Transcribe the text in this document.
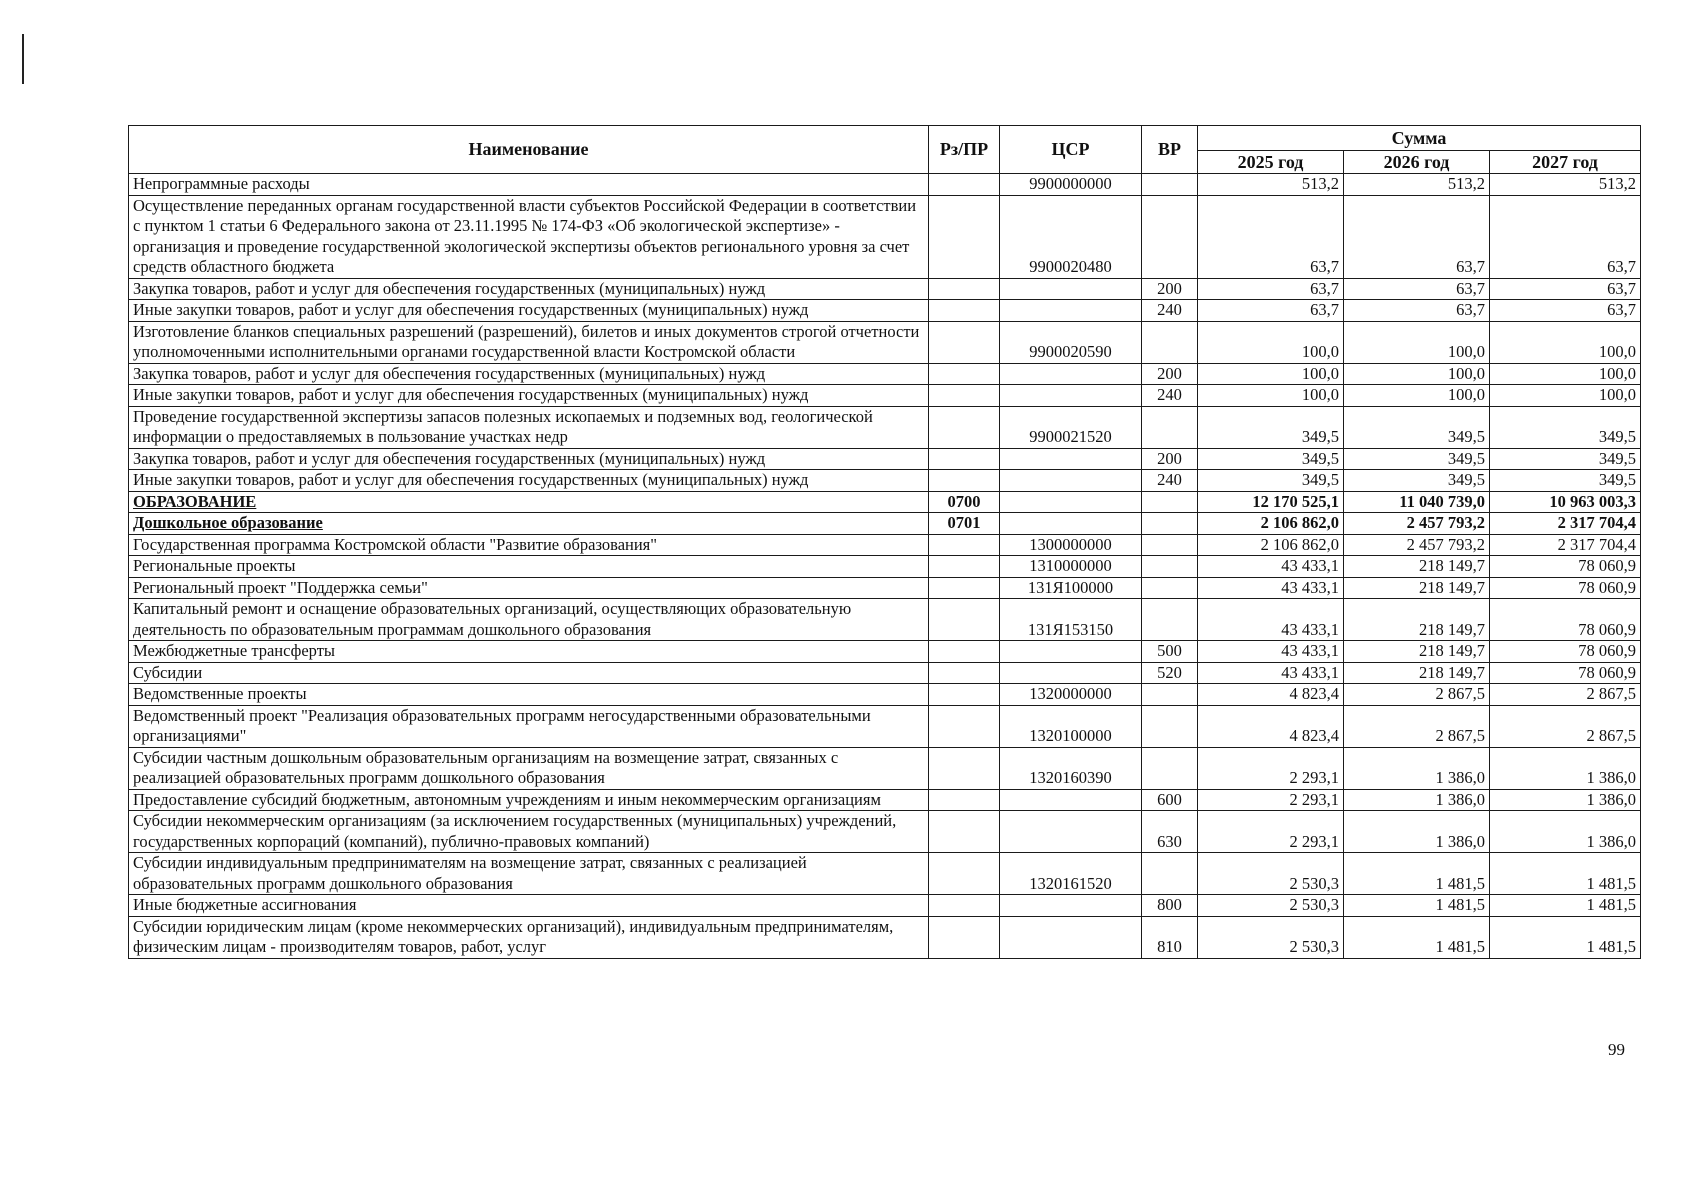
Наименование	Рз/ПР	ЦСР	ВР	Сумма		
				2025 год	2026 год	2027 год
Непрограммные расходы		9900000000		513,2	513,2	513,2
Осуществление переданных органам государственной власти субъектов Российской Федерации в соответствии с пунктом 1 статьи 6 Федерального закона от 23.11.1995 № 174-ФЗ «Об экологической экспертизе» - организация и проведение государственной экологической экспертизы объектов регионального уровня за счет средств областного бюджета		9900020480		63,7	63,7	63,7
Закупка товаров, работ и услуг для обеспечения государственных (муниципальных) нужд			200	63,7	63,7	63,7
Иные закупки товаров, работ и услуг для обеспечения государственных (муниципальных) нужд			240	63,7	63,7	63,7
Изготовление бланков специальных разрешений (разрешений), билетов и иных документов строгой отчетности уполномоченными исполнительными органами государственной власти Костромской области		9900020590		100,0	100,0	100,0
Закупка товаров, работ и услуг для обеспечения государственных (муниципальных) нужд			200	100,0	100,0	100,0
Иные закупки товаров, работ и услуг для обеспечения государственных (муниципальных) нужд			240	100,0	100,0	100,0
Проведение государственной экспертизы запасов полезных ископаемых и подземных вод, геологической информации о предоставляемых в пользование участках недр		9900021520		349,5	349,5	349,5
Закупка товаров, работ и услуг для обеспечения государственных (муниципальных) нужд			200	349,5	349,5	349,5
Иные закупки товаров, работ и услуг для обеспечения государственных (муниципальных) нужд			240	349,5	349,5	349,5
ОБРАЗОВАНИЕ	0700			12 170 525,1	11 040 739,0	10 963 003,3
Дошкольное образование	0701			2 106 862,0	2 457 793,2	2 317 704,4
Государственная программа Костромской области "Развитие образования"		1300000000		2 106 862,0	2 457 793,2	2 317 704,4
Региональные проекты		1310000000		43 433,1	218 149,7	78 060,9
Региональный проект "Поддержка семьи"		131Я100000		43 433,1	218 149,7	78 060,9
Капитальный ремонт и оснащение образовательных организаций, осуществляющих образовательную деятельность по образовательным программам дошкольного образования		131Я153150		43 433,1	218 149,7	78 060,9
Межбюджетные трансферты			500	43 433,1	218 149,7	78 060,9
Субсидии			520	43 433,1	218 149,7	78 060,9
Ведомственные проекты		1320000000		4 823,4	2 867,5	2 867,5
Ведомственный проект "Реализация образовательных программ негосударственными образовательными организациями"		1320100000		4 823,4	2 867,5	2 867,5
Субсидии частным дошкольным образовательным организациям на возмещение затрат, связанных с реализацией образовательных программ дошкольного образования		1320160390		2 293,1	1 386,0	1 386,0
Предоставление субсидий бюджетным, автономным учреждениям и иным некоммерческим организациям			600	2 293,1	1 386,0	1 386,0
Субсидии некоммерческим организациям (за исключением государственных (муниципальных) учреждений, государственных корпораций (компаний), публично-правовых компаний)			630	2 293,1	1 386,0	1 386,0
Субсидии индивидуальным предпринимателям на возмещение затрат, связанных с реализацией образовательных программ дошкольного образования		1320161520		2 530,3	1 481,5	1 481,5
Иные бюджетные ассигнования			800	2 530,3	1 481,5	1 481,5
Субсидии юридическим лицам (кроме некоммерческих организаций), индивидуальным предпринимателям, физическим лицам - производителям товаров, работ, услуг			810	2 530,3	1 481,5	1 481,5
99
